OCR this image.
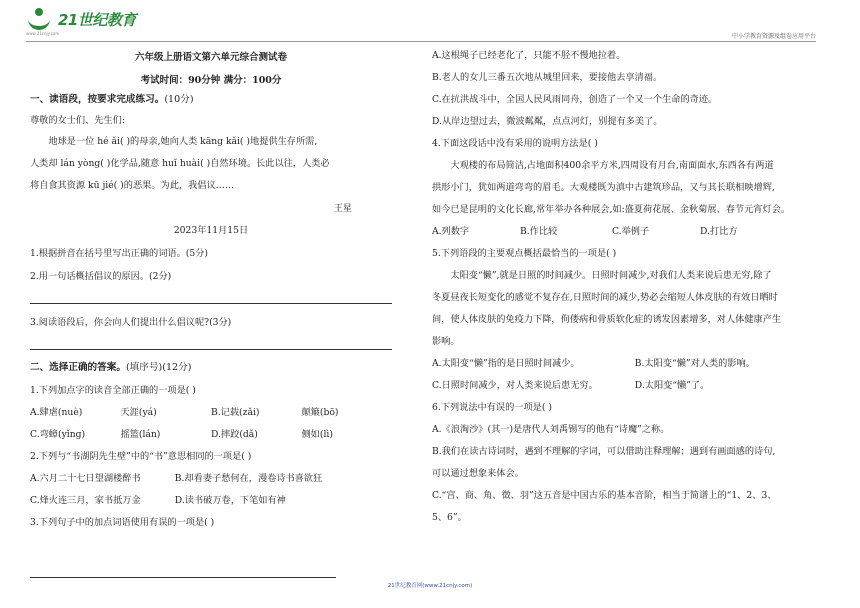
21世纪教育
www.21cnjy.com	中小学教育资源及组卷应用平台

六年级上册语文第六单元综合测试卷

考试时间：90分钟 满分：100分

一、读语段，按要求完成练习。(10分)

尊敬的女士们、先生们:

地球是一位 hé ǎi( )的母亲,她向人类 kāng kǎi( )地提供生存所需,

人类却 lán yòng( )化学品,随意 huǐ huài( )自然环境。长此以往，人类必

将自食其资源 kū jié( )的恶果。为此，我倡议……

王星

2023年11月15日

1.根据拼音在括号里写出正确的词语。(5分)

2.用一句话概括倡议的原因。(2分)

3.阅读语段后，你会向人们提出什么倡议呢?(3分)

二、选择正确的答案。(填序号)(12分)

1.下列加点字的读音全部正确的一项是( )

A.肆虐(nuè)	天涯(yá)	B.记载(zǎi)	颠簸(bō)
C.弯蟑(yǐng)	摇篮(lán)	D.摔跤(dǎ)	侧如(lì)

2.下列与“书湖阴先生壁”中的“书”意思相同的一项是( )

A.六月二十七日望湖楼醉书	B.却看妻子愁何在，漫卷诗书喜欲狂
C.烽火连三月，家书抵万金	D.读书破万卷，下笔如有神

3.下列句子中的加点词语使用有误的一项是( )

A.这根绳子已经老化了，只能不胫不慢地拉着。

B.老人的女儿三番五次地从城里回来，要接他去享清福。

C.在抗洪战斗中，全国人民风雨同舟，创造了一个又一个生命的奇迹。

D.从岸边望过去，微波粼粼，点点河灯，别提有多美了。

4.下面这段话中没有采用的说明方法是( )

大观楼的布局简洁,占地面积400余平方米,四周设有月台,南面面水,东西各有两道

拱形小门，犹如两道弯弯的眉毛。大观楼既为滇中古建筑珍品，又与其长联相映增辉,

如今已是昆明的文化长廊,常年举办各种展会,如:盛夏荷花展、金秋菊展、春节元宵灯会。

A.列数字	B.作比较	C.举例子	D.打比方

5.下列语段的主要观点概括最恰当的一项是( )

太阳变“懒”,就是日照的时间减少。日照时间减少,对我们人类来说后患无穷,除了

冬夏昼夜长短变化的感觉不复存在,日照时间的减少,势必会缩短人体皮肤的有效日晒时

间，使人体皮肤的免疫力下降，佝偻病和骨质软化症的诱发因素增多，对人体健康产生

影响。

A.太阳变“懒”指的是日照时间减少。	B.太阳变“懒”对人类的影响。
C.日照时间减少，对人类来说后患无穷。	D.太阳变“懒”了。

6.下列说法中有误的一项是( )

A.《浪淘沙》(其一)是唐代人刘禹锡写的他有“诗魔”之称。

B.我们在读古诗词时，遇到不理解的字词，可以借助注释理解；遇到有画面感的诗句,

可以通过想象来体会。

C.“宫、商、角、徵、羽”这五音是中国古乐的基本音阶，相当于简谱上的“1、2、3、

5、6”。

21世纪教育网(www.21cnjy.com)
